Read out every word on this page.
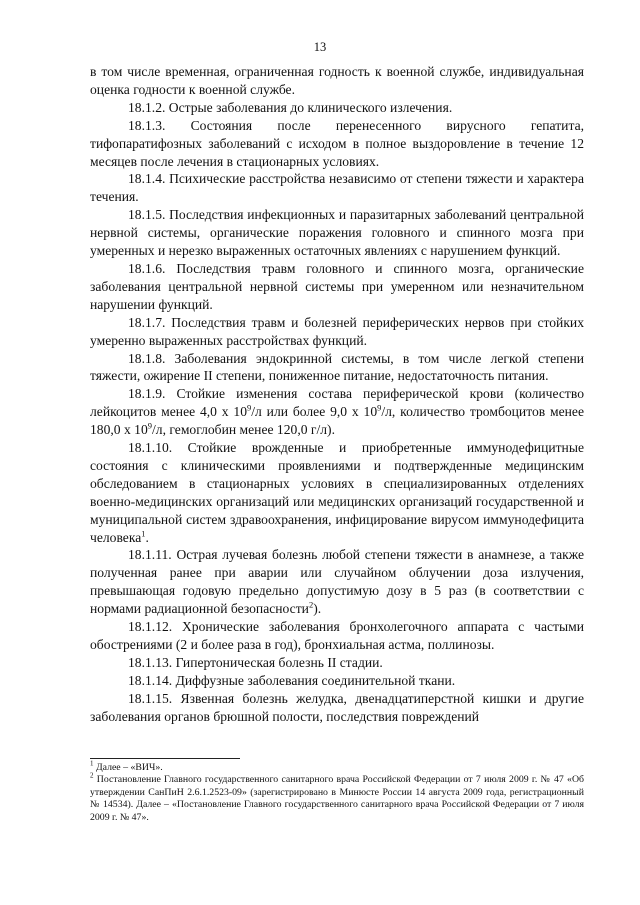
13

в том числе временная, ограниченная годность к военной службе, индивидуальная оценка годности к военной службе.

18.1.2. Острые заболевания до клинического излечения.

18.1.3. Состояния после перенесенного вирусного гепатита, тифопаратифозных заболеваний с исходом в полное выздоровление в течение 12 месяцев после лечения в стационарных условиях.

18.1.4. Психические расстройства независимо от степени тяжести и характера течения.

18.1.5. Последствия инфекционных и паразитарных заболеваний центральной нервной системы, органические поражения головного и спинного мозга при умеренных и нерезко выраженных остаточных явлениях с нарушением функций.

18.1.6. Последствия травм головного и спинного мозга, органические заболевания центральной нервной системы при умеренном или незначительном нарушении функций.

18.1.7. Последствия травм и болезней периферических нервов при стойких умеренно выраженных расстройствах функций.

18.1.8. Заболевания эндокринной системы, в том числе легкой степени тяжести, ожирение II степени, пониженное питание, недостаточность питания.

18.1.9. Стойкие изменения состава периферической крови (количество лейкоцитов менее 4,0 x $10^9/л$ или более 9,0 x $10^9/л$, количество тромбоцитов менее 180,0 x $10^9/л$, гемоглобин менее 120,0 г/л).

18.1.10. Стойкие врожденные и приобретенные иммунодефицитные состояния с клиническими проявлениями и подтвержденные медицинским обследованием в стационарных условиях в специализированных отделениях военно-медицинских организаций или медицинских организаций государственной и муниципальной систем здравоохранения, инфицирование вирусом иммунодефицита человека$^1$.

18.1.11. Острая лучевая болезнь любой степени тяжести в анамнезе, а также полученная ранее при аварии или случайном облучении доза излучения, превышающая годовую предельно допустимую дозу в 5 раз (в соответствии с нормами радиационной безопасности$^2$).

18.1.12. Хронические заболевания бронхолегочного аппарата с частыми обострениями (2 и более раза в год), бронхиальная астма, поллинозы.

18.1.13. Гипертоническая болезнь II стадии.

18.1.14. Диффузные заболевания соединительной ткани.

18.1.15. Язвенная болезнь желудка, двенадцатиперстной кишки и другие заболевания органов брюшной полости, последствия повреждений

$^1$ Далее – «ВИЧ».

$^2$ Постановление Главного государственного санитарного врача Российской Федерации от 7 июля 2009 г. № 47 «Об утверждении СанПиН 2.6.1.2523-09» (зарегистрировано в Минюсте России 14 августа 2009 года, регистрационный № 14534). Далее – «Постановление Главного государственного санитарного врача Российской Федерации от 7 июля 2009 г. № 47».
